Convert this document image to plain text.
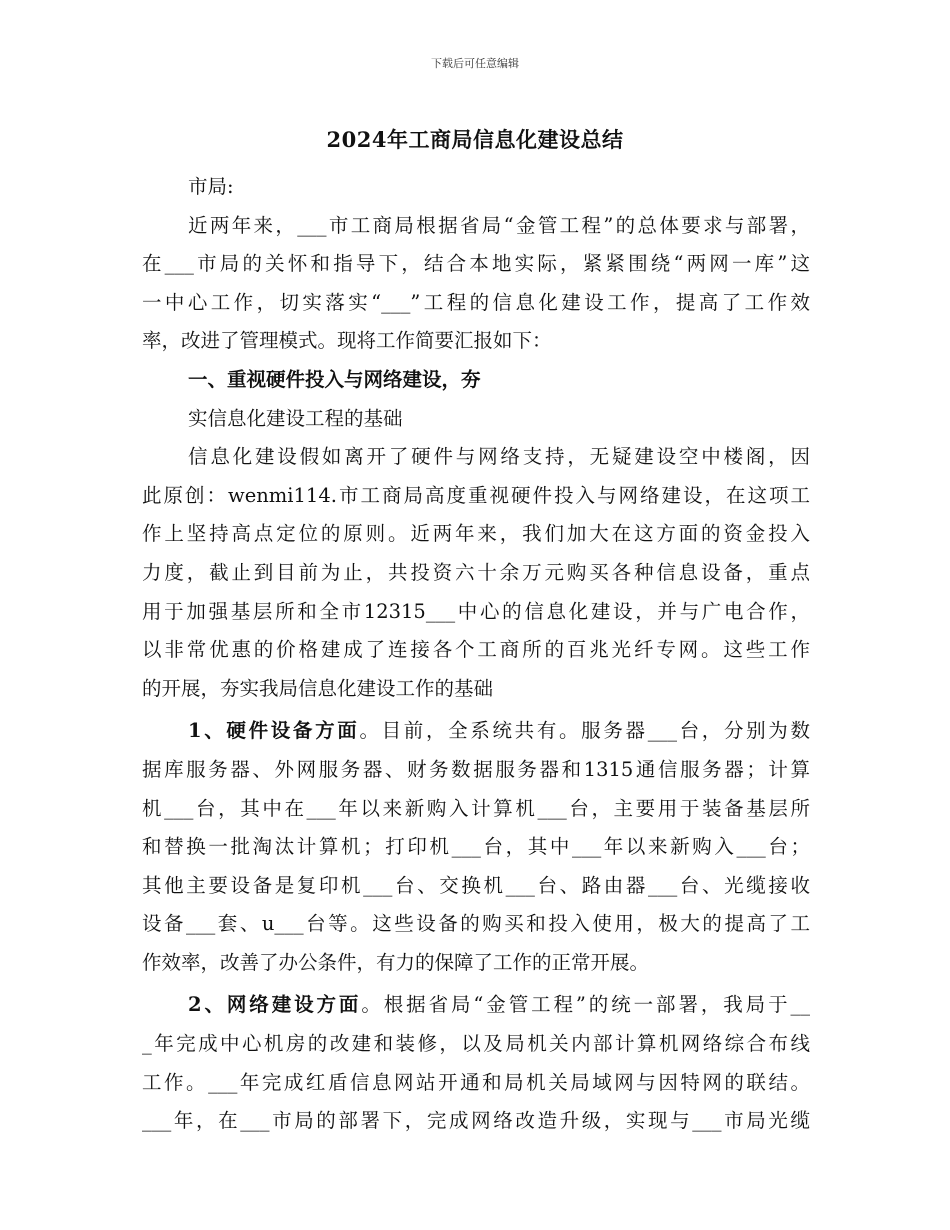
下载后可任意编辑
2024年工商局信息化建设总结
市局:
近两年来，___市工商局根据省局“金管工程”的总体要求与部署，
在___市局的关怀和指导下，结合本地实际，紧紧围绕“两网一库”这
一中心工作，切实落实“___”工程的信息化建设工作，提高了工作效
率，改进了管理模式。现将工作简要汇报如下：
一、重视硬件投入与网络建设，夯
实信息化建设工程的基础
信息化建设假如离开了硬件与网络支持，无疑建设空中楼阁，因
此原创：wenmi114.市工商局高度重视硬件投入与网络建设，在这项工
作上坚持高点定位的原则。近两年来，我们加大在这方面的资金投入
力度，截止到目前为止，共投资六十余万元购买各种信息设备，重点
用于加强基层所和全市12315___中心的信息化建设，并与广电合作，
以非常优惠的价格建成了连接各个工商所的百兆光纤专网。这些工作
的开展，夯实我局信息化建设工作的基础
1、硬件设备方面。目前，全系统共有。服务器___台，分别为数
据库服务器、外网服务器、财务数据服务器和1315通信服务器；计算
机___台，其中在___年以来新购入计算机___台，主要用于装备基层所
和替换一批淘汰计算机；打印机___台，其中___年以来新购入___台；
其他主要设备是复印机___台、交换机___台、路由器___台、光缆接收
设备___套、u___台等。这些设备的购买和投入使用，极大的提高了工
作效率，改善了办公条件，有力的保障了工作的正常开展。
2、网络建设方面。根据省局“金管工程”的统一部署，我局于__
_年完成中心机房的改建和装修，以及局机关内部计算机网络综合布线
工作。___年完成红盾信息网站开通和局机关局域网与因特网的联结。
___年，在___市局的部署下，完成网络改造升级，实现与___市局光缆
